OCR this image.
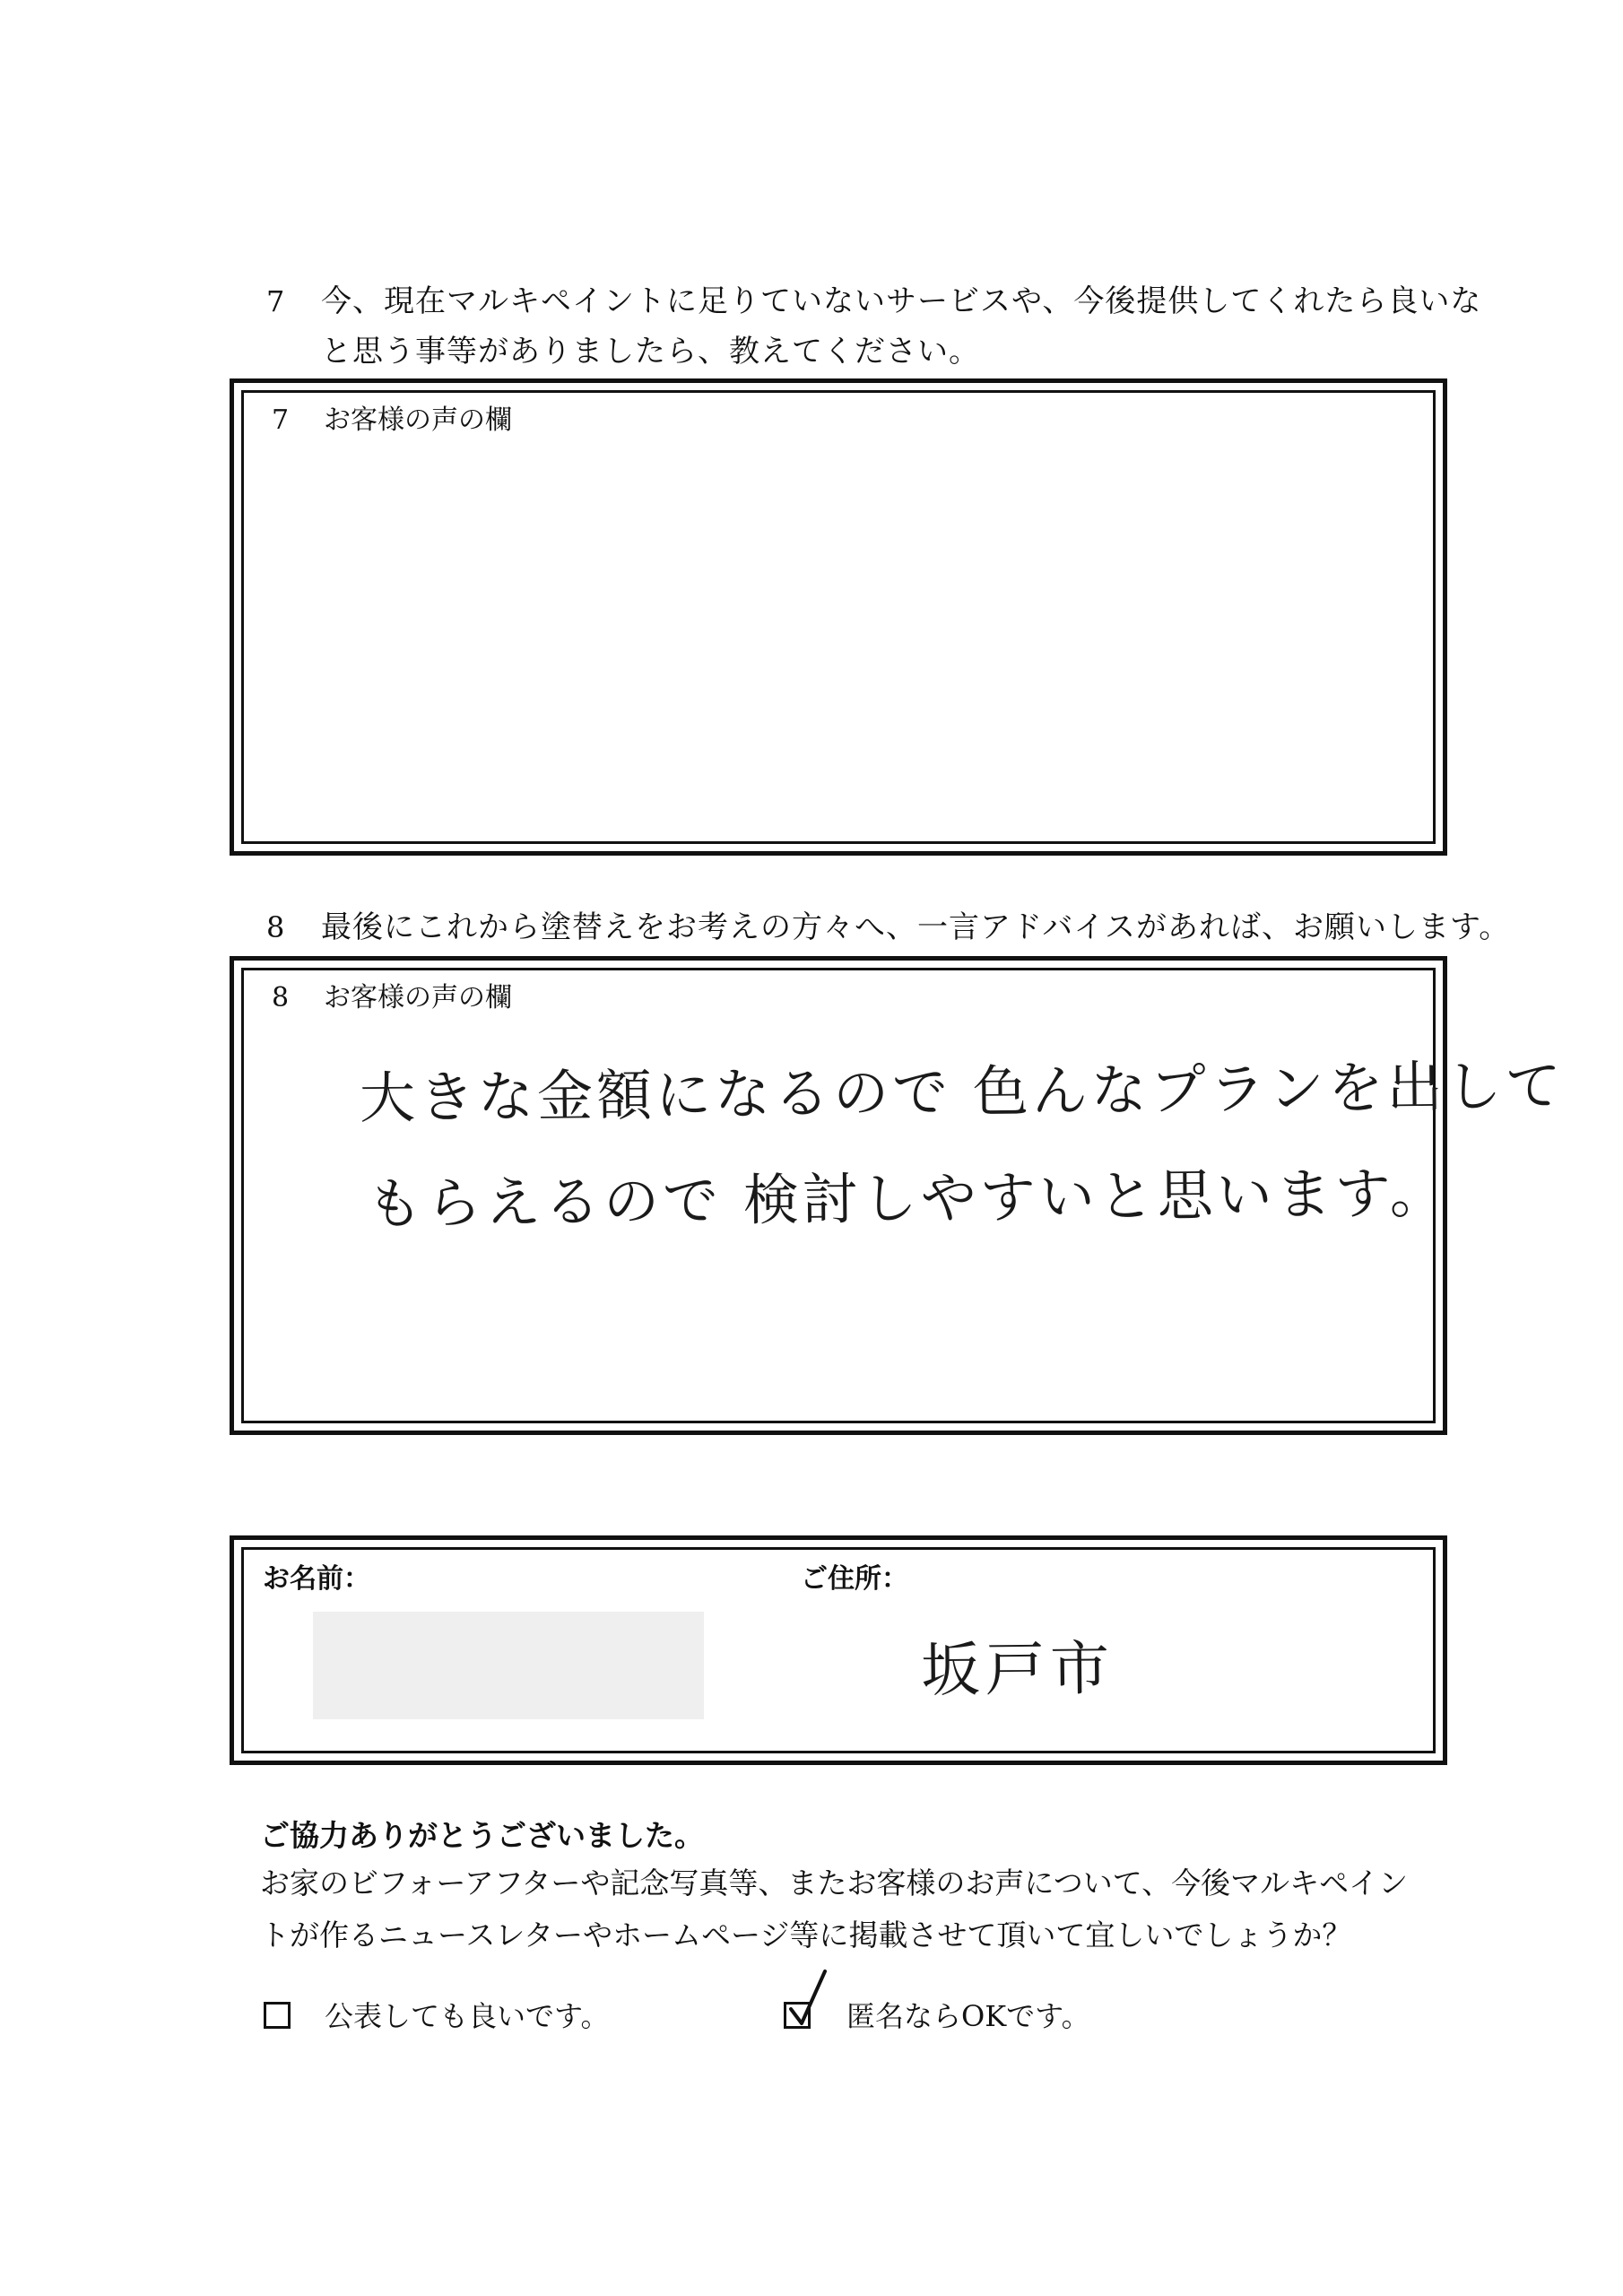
7 今、現在マルキペイントに足りていないサービスや、今後提供してくれたら良いな
と思う事等がありましたら、教えてください。
7 お客様の声の欄
8 最後にこれから塗替えをお考えの方々へ、一言アドバイスがあれば、お願いします。
8 お客様の声の欄
大きな金額になるので 色んなプランを出して
もらえるので 検討しやすいと思います。
お名前：	ご住所：
坂戸市
ご協力ありがとうございました。
お家のビフォーアフターや記念写真等、またお客様のお声について、今後マルキペイン
トが作るニュースレターやホームページ等に掲載させて頂いて宜しいでしょうか？
公表しても良いです。	匿名ならOKです。
